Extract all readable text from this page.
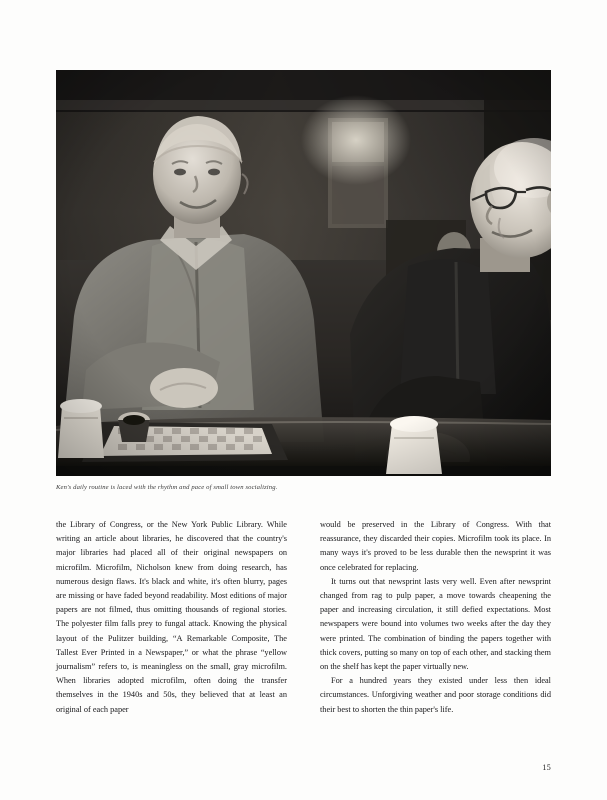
Ken's daily routine is laced with the rhythm and pace of small town socializing.

the Library of Congress, or the New York Public Library. While writing an article about libraries, he discovered that the country's major libraries had placed all of their original newspapers on microfilm. Microfilm, Nicholson knew from doing research, has numerous design flaws. It's black and white, it's often blurry, pages are missing or have faded beyond readability. Most editions of major papers are not filmed, thus omitting thousands of regional stories. The polyester film falls prey to fungal attack. Knowing the physical layout of the Pulitzer building, “A Remarkable Composite, The Tallest Ever Printed in a Newspaper,” or what the phrase “yellow journalism” refers to, is meaningless on the small, gray microfilm. When libraries adopted microfilm, often doing the transfer themselves in the 1940s and 50s, they believed that at least an original of each paper

would be preserved in the Library of Congress. With that reassurance, they discarded their copies. Microfilm took its place. In many ways it's proved to be less durable then the newsprint it was once celebrated for replacing.

It turns out that newsprint lasts very well. Even after newsprint changed from rag to pulp paper, a move towards cheapening the paper and increasing circulation, it still defied expectations. Most newspapers were bound into volumes two weeks after the day they were printed. The combination of binding the papers together with thick covers, putting so many on top of each other, and stacking them on the shelf has kept the paper virtually new.

For a hundred years they existed under less then ideal circumstances. Unforgiving weather and poor storage conditions did their best to shorten the thin paper's life.

15
